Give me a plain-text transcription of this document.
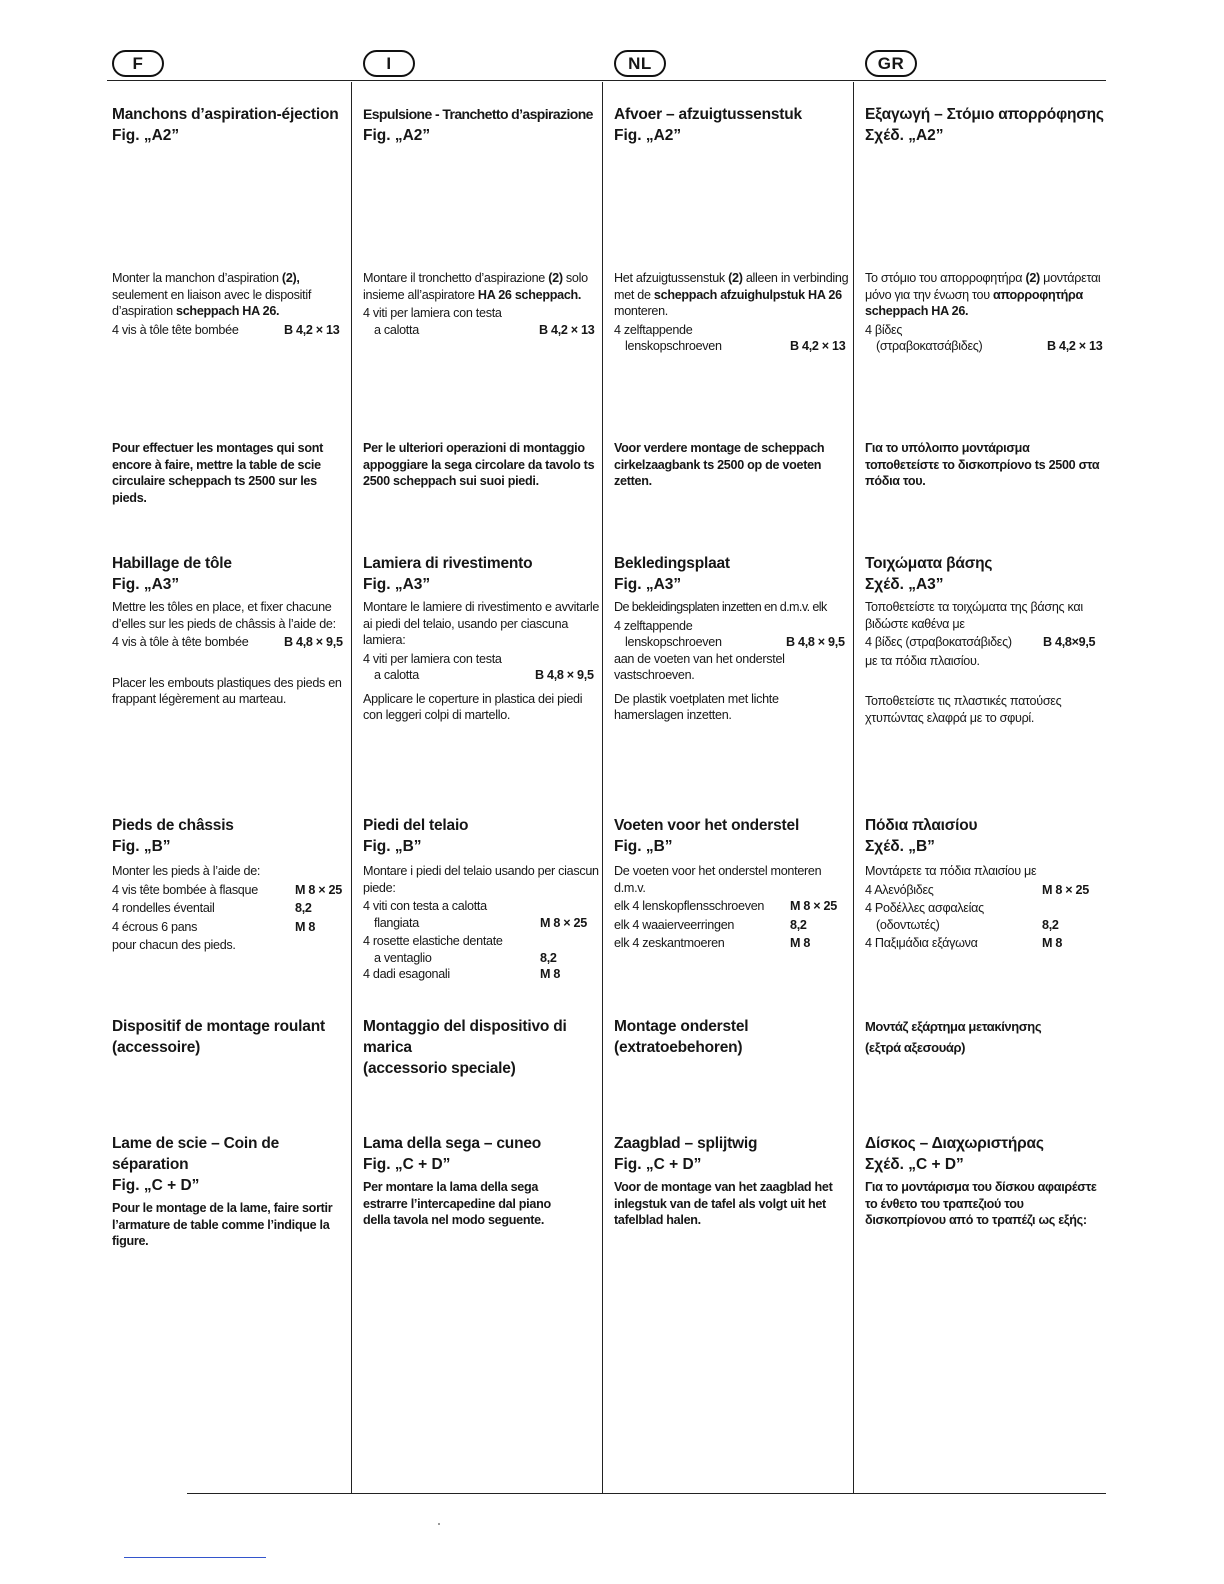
F	I	NL	GR
Manchons d’aspiration-éjection
Fig. „A2”
Monter la manchon d’aspiration (2), seulement en liaison avec le dispositif d’aspiration scheppach HA 26.
4 vis à tôle tête bombée	B 4,2 × 13
Pour effectuer les montages qui sont encore à faire, mettre la table de scie circulaire scheppach ts 2500 sur les pieds.
Habillage de tôle
Fig. „A3”
Mettre les tôles en place, et fixer chacune d’elles sur les pieds de châssis à l’aide de:
4 vis à tôle à tête bombée	B 4,8 × 9,5
Placer les embouts plastiques des pieds en frappant légèrement au marteau.
Pieds de châssis
Fig. „B”
Monter les pieds à l’aide de:
4 vis tête bombée à flasque	M 8 × 25
4 rondelles éventail	8,2
4 écrous 6 pans	M 8
pour chacun des pieds.
Dispositif de montage roulant
(accessoire)
Lame de scie – Coin de séparation
Fig. „C + D”
Pour le montage de la lame, faire sortir l’armature de table comme l’indique la figure.
Espulsione - Tranchetto d’aspirazione
Fig. „A2”
Montare il tronchetto d’aspirazione (2) solo insieme all’aspiratore HA 26 scheppach.
4 viti per lamiera con testa
a calotta	B 4,2 × 13
Per le ulteriori operazioni di montaggio appoggiare la sega circolare da tavolo ts 2500 scheppach sui suoi piedi.
Lamiera di rivestimento
Fig. „A3”
Montare le lamiere di rivestimento e avvitarle ai piedi del telaio, usando per ciascuna lamiera:
4 viti per lamiera con testa
a calotta	B 4,8 × 9,5
Applicare le coperture in plastica dei piedi con leggeri colpi di martello.
Piedi del telaio
Fig. „B”
Montare i piedi del telaio usando per ciascun piede:
4 viti con testa a calotta
flangiata	M 8 × 25
4 rosette elastiche dentate
a ventaglio	8,2
4 dadi esagonali	M 8
Montaggio del dispositivo di marica
(accessorio speciale)
Lama della sega – cuneo
Fig. „C + D”
Per montare la lama della sega estrarre l’intercapedine dal piano della tavola nel modo seguente.
Afvoer – afzuigtussenstuk
Fig. „A2”
Het afzuigtussenstuk (2) alleen in verbinding met de scheppach afzuighulpstuk HA 26 monteren.
4 zelftappende
lenskopschroeven	B 4,2 × 13
Voor verdere montage de scheppach cirkelzaagbank ts 2500 op de voeten zetten.
Bekledingsplaat
Fig. „A3”
De bekleidingsplaten inzetten en d.m.v. elk
4 zelftappende
lenskopschroeven	B 4,8 × 9,5
aan de voeten van het onderstel vastschroeven.
De plastik voetplaten met lichte hamerslagen inzetten.
Voeten voor het onderstel
Fig. „B”
De voeten voor het onderstel monteren d.m.v.
elk 4 lenskopflensschroeven M 8 × 25
elk 4 waaierveerringen	8,2
elk 4 zeskantmoeren	M 8
Montage onderstel
(extratoebehoren)
Zaagblad – splijtwig
Fig. „C + D”
Voor de montage van het zaagblad het inlegstuk van de tafel als volgt uit het tafelblad halen.
Εξαγωγή – Στόμιο απορρόφησης
Σχέδ. „A2”
Το στόμιο του απορροφητήρα (2) μοντάρεται μόνο για την ένωση του απορροφητήρα scheppach HA 26.
4 βίδες
(στραβοκατσάβιδες)	B 4,2 × 13
Για το υπόλοιπο μοντάρισμα τοποθετείστε το δισκοπρίονο ts 2500 στα πόδια του.
Τοιχώματα βάσης
Σχέδ. „A3”
Τοποθετείστε τα τοιχώματα της βάσης και βιδώστε καθένα με
4 βίδες (στραβοκατσάβιδες) B 4,8×9,5
με τα πόδια πλαισίου.
Τοποθετείστε τις πλαστικές πατούσες χτυπώντας ελαφρά με το σφυρί.
Πόδια πλαισίου
Σχέδ. „B”
Μοντάρετε τα πόδια πλαισίου με
4 Αλενόβιδες	M 8 × 25
4 Ροδέλλες ασφαλείας
(οδοντωτές)	8,2
4 Παξιμάδια εξάγωνα	M 8
Μοντάζ εξάρτημα μετακίνησης
(εξτρά αξεσουάρ)
Δίσκος – Διαχωριστήρας
Σχέδ. „C + D”
Για το μοντάρισμα του δίσκου αφαιρέστε το ένθετο του τραπεζιού του δισκοπρίονου από το τραπέζι ως εξής:
